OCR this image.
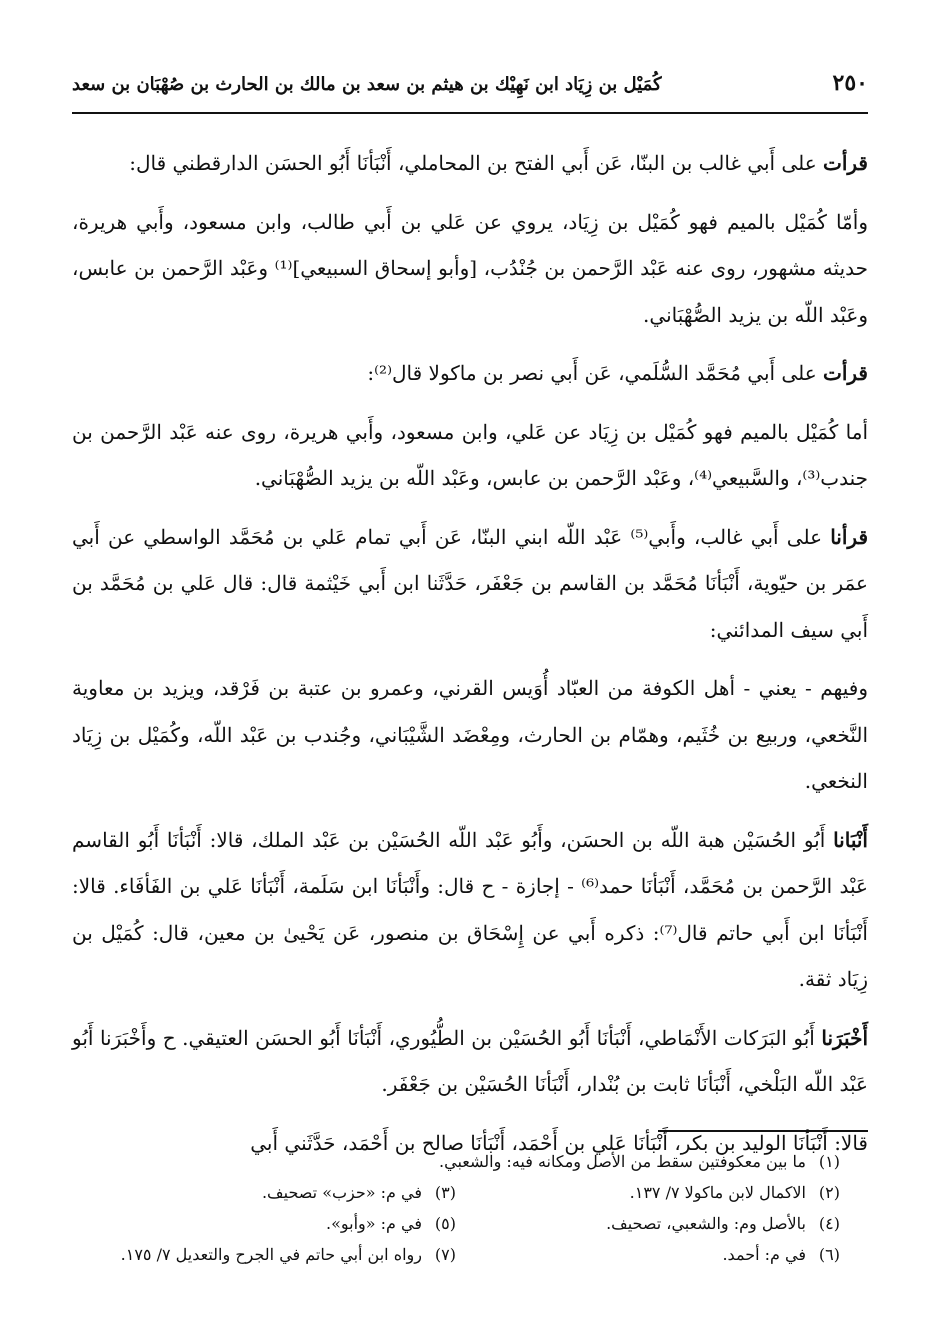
٢٥٠
كُمَيْل بن زِيَاد ابن نَهِيْك بن هيثم بن سعد بن مالك بن الحارث بن صُهْبَان بن سعد

قرأت على أَبي غالب بن البنّا، عَن أَبي الفتح بن المحاملي، أَنْبَأنَا أَبُو الحسَن الدارقطني قال:

وأمّا كُمَيْل بالميم فهو كُمَيْل بن زِيَاد، يروي عن عَلي بن أَبي طالب، وابن مسعود، وأَبي هريرة، حديثه مشهور، روى عنه عَبْد الرَّحمن بن جُنْدُب، [وأبو إسحاق السبيعي]⁽¹⁾ وعَبْد الرَّحمن بن عابس، وعَبْد اللّه بن يزيد الصُّهْبَاني.

قرأت على أَبي مُحَمَّد السُّلَمي، عَن أَبي نصر بن ماكولا قال⁽²⁾:

أما كُمَيْل بالميم فهو كُمَيْل بن زِيَاد عن عَلي، وابن مسعود، وأَبي هريرة، روى عنه عَبْد الرَّحمن بن جندب⁽³⁾، والسَّبيعي⁽⁴⁾، وعَبْد الرَّحمن بن عابس، وعَبْد اللّه بن يزيد الصُّهْبَاني.

قرأنا على أَبي غالب، وأَبي⁽⁵⁾ عَبْد اللّه ابني البنّا، عَن أَبي تمام عَلي بن مُحَمَّد الواسطي عن أَبي عمَر بن حيّوية، أَنْبَأنَا مُحَمَّد بن القاسم بن جَعْفَر، حَدَّثَنا ابن أَبي خَيْثمة قال: قال عَلي بن مُحَمَّد بن أَبي سيف المدائني:

وفيهم - يعني - أهل الكوفة من العبّاد أُوَيس القرني، وعمرو بن عتبة بن فَرْقد، ويزيد بن معاوية النَّخعي، وربيع بن خُثَيم، وهمّام بن الحارث، ومِعْضَد الشَّيْبَاني، وجُندب بن عَبْد اللّه، وكُمَيْل بن زِيَاد النخعي.

أَنْبَانا أَبُو الحُسَيْن هبة اللّه بن الحسَن، وأَبُو عَبْد اللّه الحُسَيْن بن عَبْد الملك، قالا: أَنْبَأنَا أَبُو القاسم عَبْد الرَّحمن بن مُحَمَّد، أَنْبَأنَا حمد⁽⁶⁾ - إجازة - ح قال: وأَنْبَأنَا ابن سَلَمة، أَنْبَأنَا عَلي بن الفَأفَاء. قالا: أَنْبَأنَا ابن أَبي حاتم قال⁽⁷⁾: ذكره أَبي عن إِسْحَاق بن منصور، عَن يَحْيىٰ بن معين، قال: كُمَيْل بن زِيَاد ثقة.

أَخْبَرَنا أَبُو البَرَكات الأَنْمَاطي، أَنْبَأنَا أَبُو الحُسَيْن بن الطُّيُوري، أَنْبَأنَا أَبُو الحسَن العتيقي. ح وأَخْبَرَنا أَبُو عَبْد اللّه البَلْخي، أَنْبَأنَا ثابت بن بُنْدار، أَنْبَأنَا الحُسَيْن بن جَعْفَر.

قالا: أَنْبَأنَا الوليد بن بكر، أَنْبَأنَا عَلي بن أَحْمَد، أَنْبَأنَا صالح بن أَحْمَد، حَدَّثَني أَبي

(١)ما بين معكوفتين سقط من الأصل ومكانه فيه: والشعبي.
(٢)الاكمال لابن ماكولا ٧/ ١٣٧.
(٣)في م: «حزب» تصحيف.
(٤)بالأصل وم: والشعبي، تصحيف.
(٥)في م: «وأبو».
(٦)في م: أحمد.
(٧)رواه ابن أبي حاتم في الجرح والتعديل ٧/ ١٧٥.
